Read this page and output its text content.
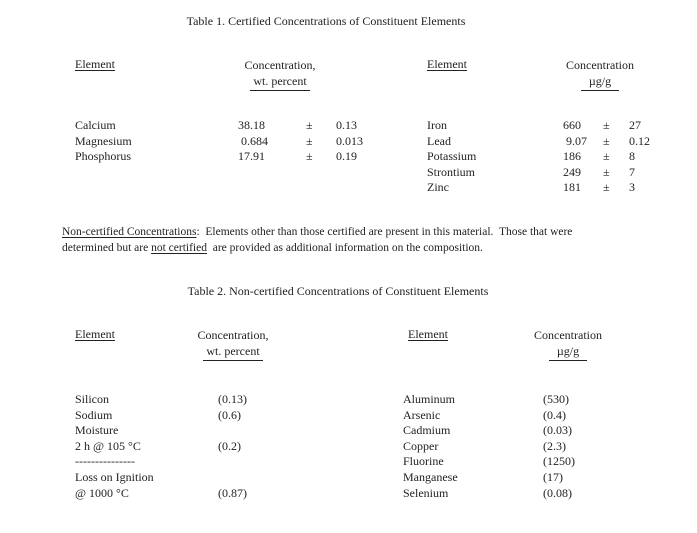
Table 1. Certified Concentrations of Constituent Elements
Element	Concentration,
wt. percent
Element	Concentration
µg/g
Calcium	38.18	±	0.13
Magnesium	0.684	±	0.013
Phosphorus	17.91	±	0.19
Iron	660	±	27
Lead	9.07	±	0.12
Potassium	186	±	8
Strontium	249	±	7
Zinc	181	±	3
Non-certified Concentrations:  Elements other than those certified are present in this material.  Those that were
determined but are not certified  are provided as additional information on the composition.
Table 2. Non-certified Concentrations of Constituent Elements
Element	Concentration,
wt. percent
Element	Concentration
µg/g
Silicon	(0.13)
Sodium	(0.6)
Moisture
2 h @ 105 °C	(0.2)
---------------
Loss on Ignition
@ 1000 °C	(0.87)
Aluminum	(530)
Arsenic	(0.4)
Cadmium	(0.03)
Copper	(2.3)
Fluorine	(1250)
Manganese	(17)
Selenium	(0.08)
